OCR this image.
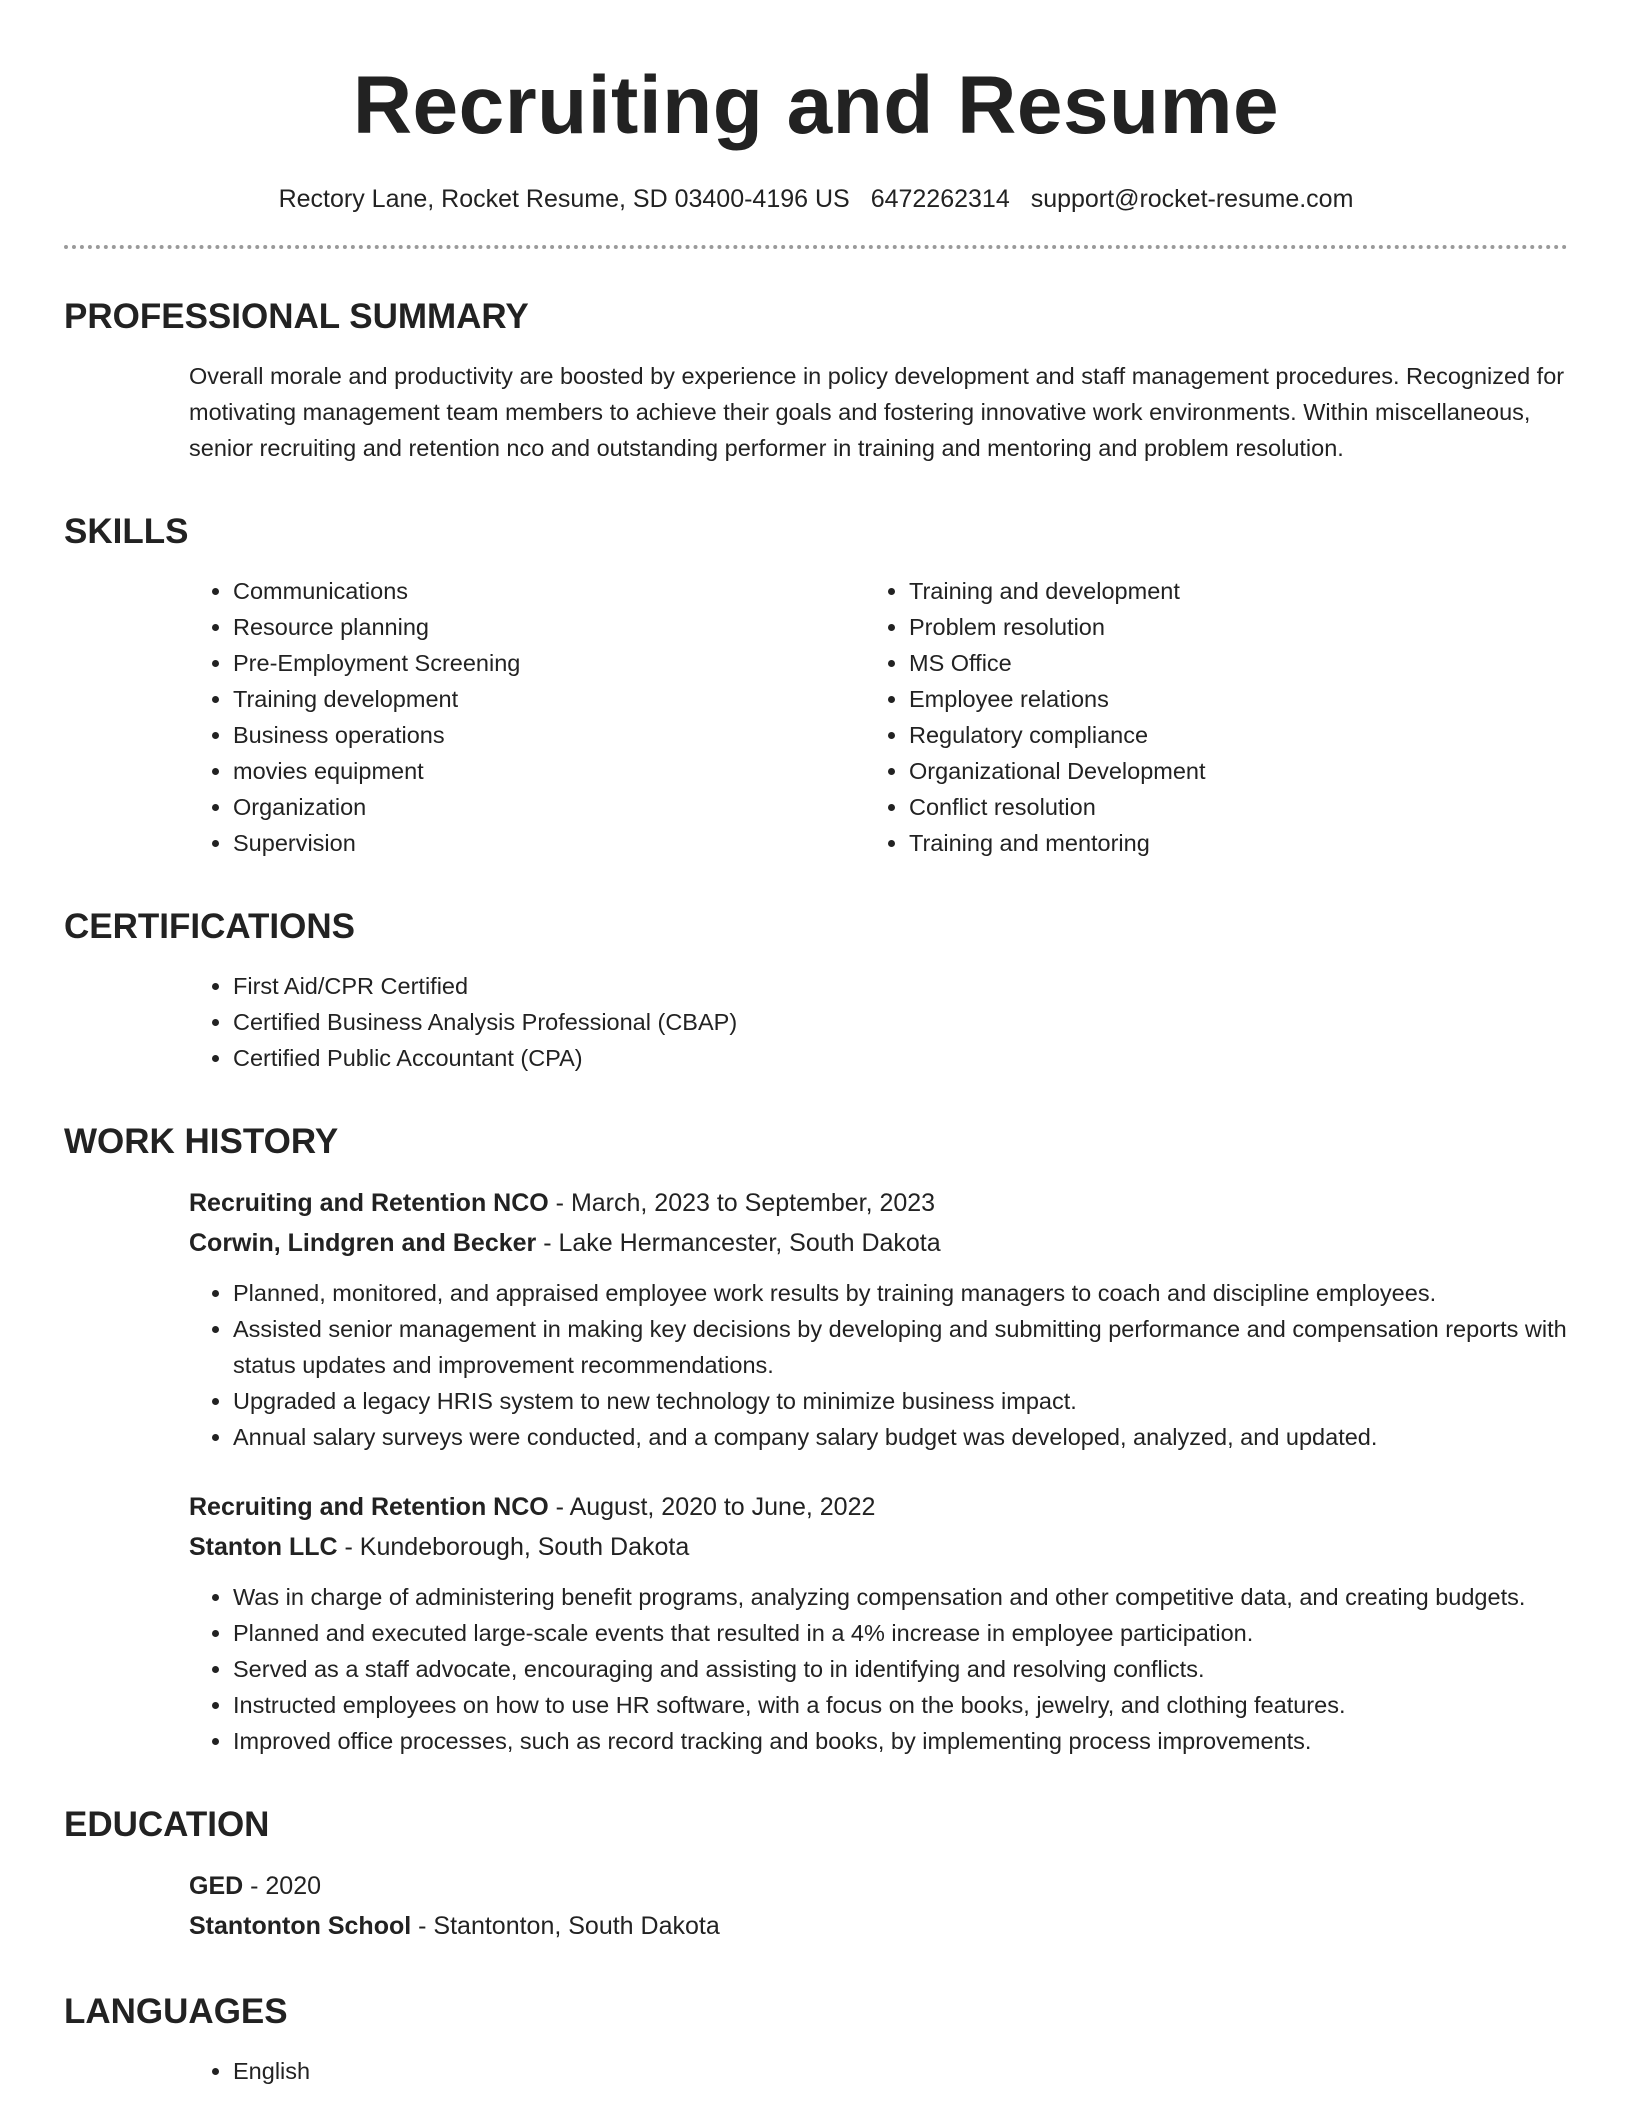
Recruiting and Resume
Rectory Lane, Rocket Resume, SD 03400-4196 US 6472262314 support@rocket-resume.com
PROFESSIONAL SUMMARY

Overall morale and productivity are boosted by experience in policy development and staff management procedures. Recognized for motivating management team members to achieve their goals and fostering innovative work environments. Within miscellaneous, senior recruiting and retention nco and outstanding performer in training and mentoring and problem resolution.

SKILLS
• Communications
• Resource planning
• Pre-Employment Screening
• Training development
• Business operations
• movies equipment
• Organization
• Supervision
• Training and development
• Problem resolution
• MS Office
• Employee relations
• Regulatory compliance
• Organizational Development
• Conflict resolution
• Training and mentoring
CERTIFICATIONS
• First Aid/CPR Certified
• Certified Business Analysis Professional (CBAP)
• Certified Public Accountant (CPA)
WORK HISTORY
Recruiting and Retention NCO - March, 2023 to September, 2023
Corwin, Lindgren and Becker - Lake Hermancester, South Dakota
• Planned, monitored, and appraised employee work results by training managers to coach and discipline employees.
• Assisted senior management in making key decisions by developing and submitting performance and compensation reports with status updates and improvement recommendations.
• Upgraded a legacy HRIS system to new technology to minimize business impact.
• Annual salary surveys were conducted, and a company salary budget was developed, analyzed, and updated.
Recruiting and Retention NCO - August, 2020 to June, 2022
Stanton LLC - Kundeborough, South Dakota
• Was in charge of administering benefit programs, analyzing compensation and other competitive data, and creating budgets.
• Planned and executed large-scale events that resulted in a 4% increase in employee participation.
• Served as a staff advocate, encouraging and assisting to in identifying and resolving conflicts.
• Instructed employees on how to use HR software, with a focus on the books, jewelry, and clothing features.
• Improved office processes, such as record tracking and books, by implementing process improvements.
EDUCATION
GED - 2020
Stantonton School - Stantonton, South Dakota
LANGUAGES
• English
